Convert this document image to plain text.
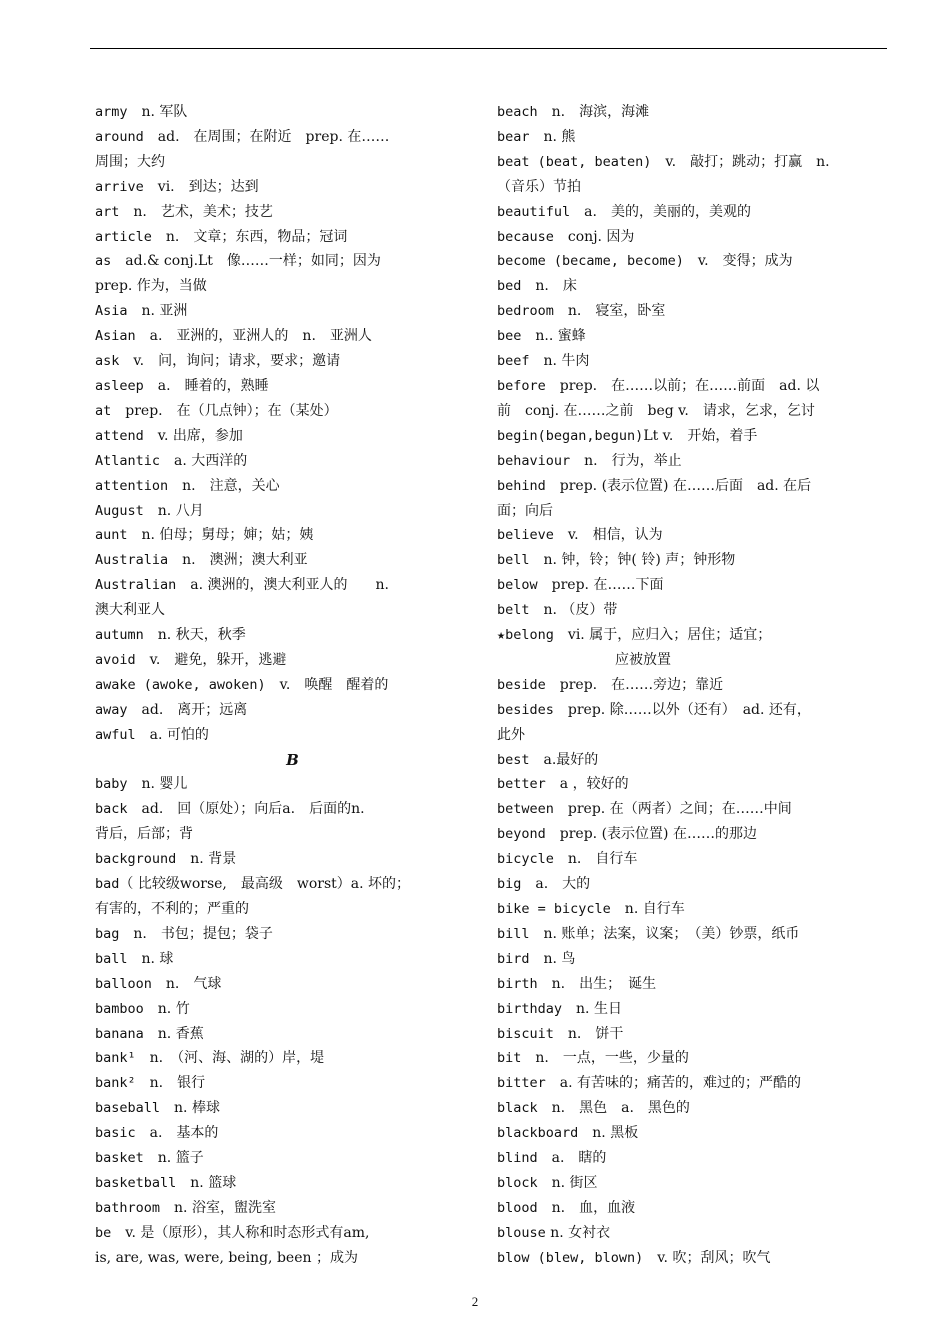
army　n. 军队
around　ad.　在周围；在附近　prep. 在……
周围；大约
arrive　vi.　到达；达到
art　n.　艺术，美术；技艺
article　n.　文章；东西，物品；冠词
as　ad.& conj.Lt　像……一样；如同；因为
prep. 作为，当做
Asia　n. 亚洲
Asian　a.　亚洲的，亚洲人的　n.　亚洲人
ask　v.　问，询问；请求，要求；邀请
asleep　a.　睡着的，熟睡
at　prep.　在（几点钟）；在（某处）
attend　v. 出席，参加
Atlantic　a. 大西洋的
attention　n.　注意，关心
August　n. 八月
aunt　n. 伯母；舅母；婶；姑；姨
Australia　n.　澳洲；澳大利亚
Australian　a. 澳洲的，澳大利亚人的　　n.
澳大利亚人
autumn　n. 秋天，秋季
avoid　v.　避免，躲开，逃避
awake (awoke, awoken)　v.　唤醒　醒着的
away　ad.　离开；远离
awful　a. 可怕的
B
baby　n. 婴儿
back　ad.　回（原处）；向后a.　后面的n.
背后，后部；背
background　n. 背景
bad（ 比较级worse,　最高级　worst）a. 坏的；
有害的，不利的；严重的
bag　n.　书包；提包；袋子
ball　n. 球
balloon　n.　气球
bamboo　n. 竹
banana　n. 香蕉
bank¹　n.　（河、海、湖的）岸，堤
bank²　n.　银行
baseball　n. 棒球
basic　a.　基本的
basket　n. 篮子
basketball　n. 篮球
bathroom　n. 浴室，盥洗室
be　v. 是（原形），其人称和时态形式有am,
is, are, was, were, being, been ；成为
beach　n.　海滨，海滩
bear　n. 熊
beat (beat, beaten)　v.　敲打；跳动；打赢　n.
（音乐）节拍
beautiful　a.　美的，美丽的，美观的
because　conj. 因为
become (became, become)　v.　变得；成为
bed　n.　床
bedroom　n.　寝室，卧室
bee　n.. 蜜蜂
beef　n. 牛肉
before　prep.　在……以前；在……前面　ad. 以
前　conj. 在……之前　beg v.　请求，乞求，乞讨
begin(began,begun)Lt v.　开始，着手
behaviour　n.　行为，举止
behind　prep. (表示位置) 在……后面　ad. 在后
面；向后
believe　v.　相信，认为
bell　n. 钟，铃；钟( 铃) 声；钟形物
below　prep. 在……下面
belt　n. （皮）带
★belong　vi. 属于，应归入；居住；适宜；
应被放置
beside　prep.　在……旁边；靠近
besides　prep. 除……以外（还有）　ad. 还有，
此外
best　a.最好的
better　a ，较好的
between　prep. 在（两者）之间；在……中间
beyond　prep. (表示位置) 在……的那边
bicycle　n.　自行车
big　a.　大的
bike = bicycle　n. 自行车
bill　n. 账单；法案，议案；　（美）钞票，纸币
bird　n. 鸟
birth　n.　出生；　诞生
birthday　n. 生日
biscuit　n.　饼干
bit　n.　一点，一些，少量的
bitter　a. 有苦味的；痛苦的，难过的；严酷的
black　n.　黑色　a.　黑色的
blackboard　n. 黑板
blind　a.　瞎的
block　n. 街区
blood　n.　血，血液
blouse n. 女衬衣
blow (blew, blown)　v. 吹；刮风；吹气
2
